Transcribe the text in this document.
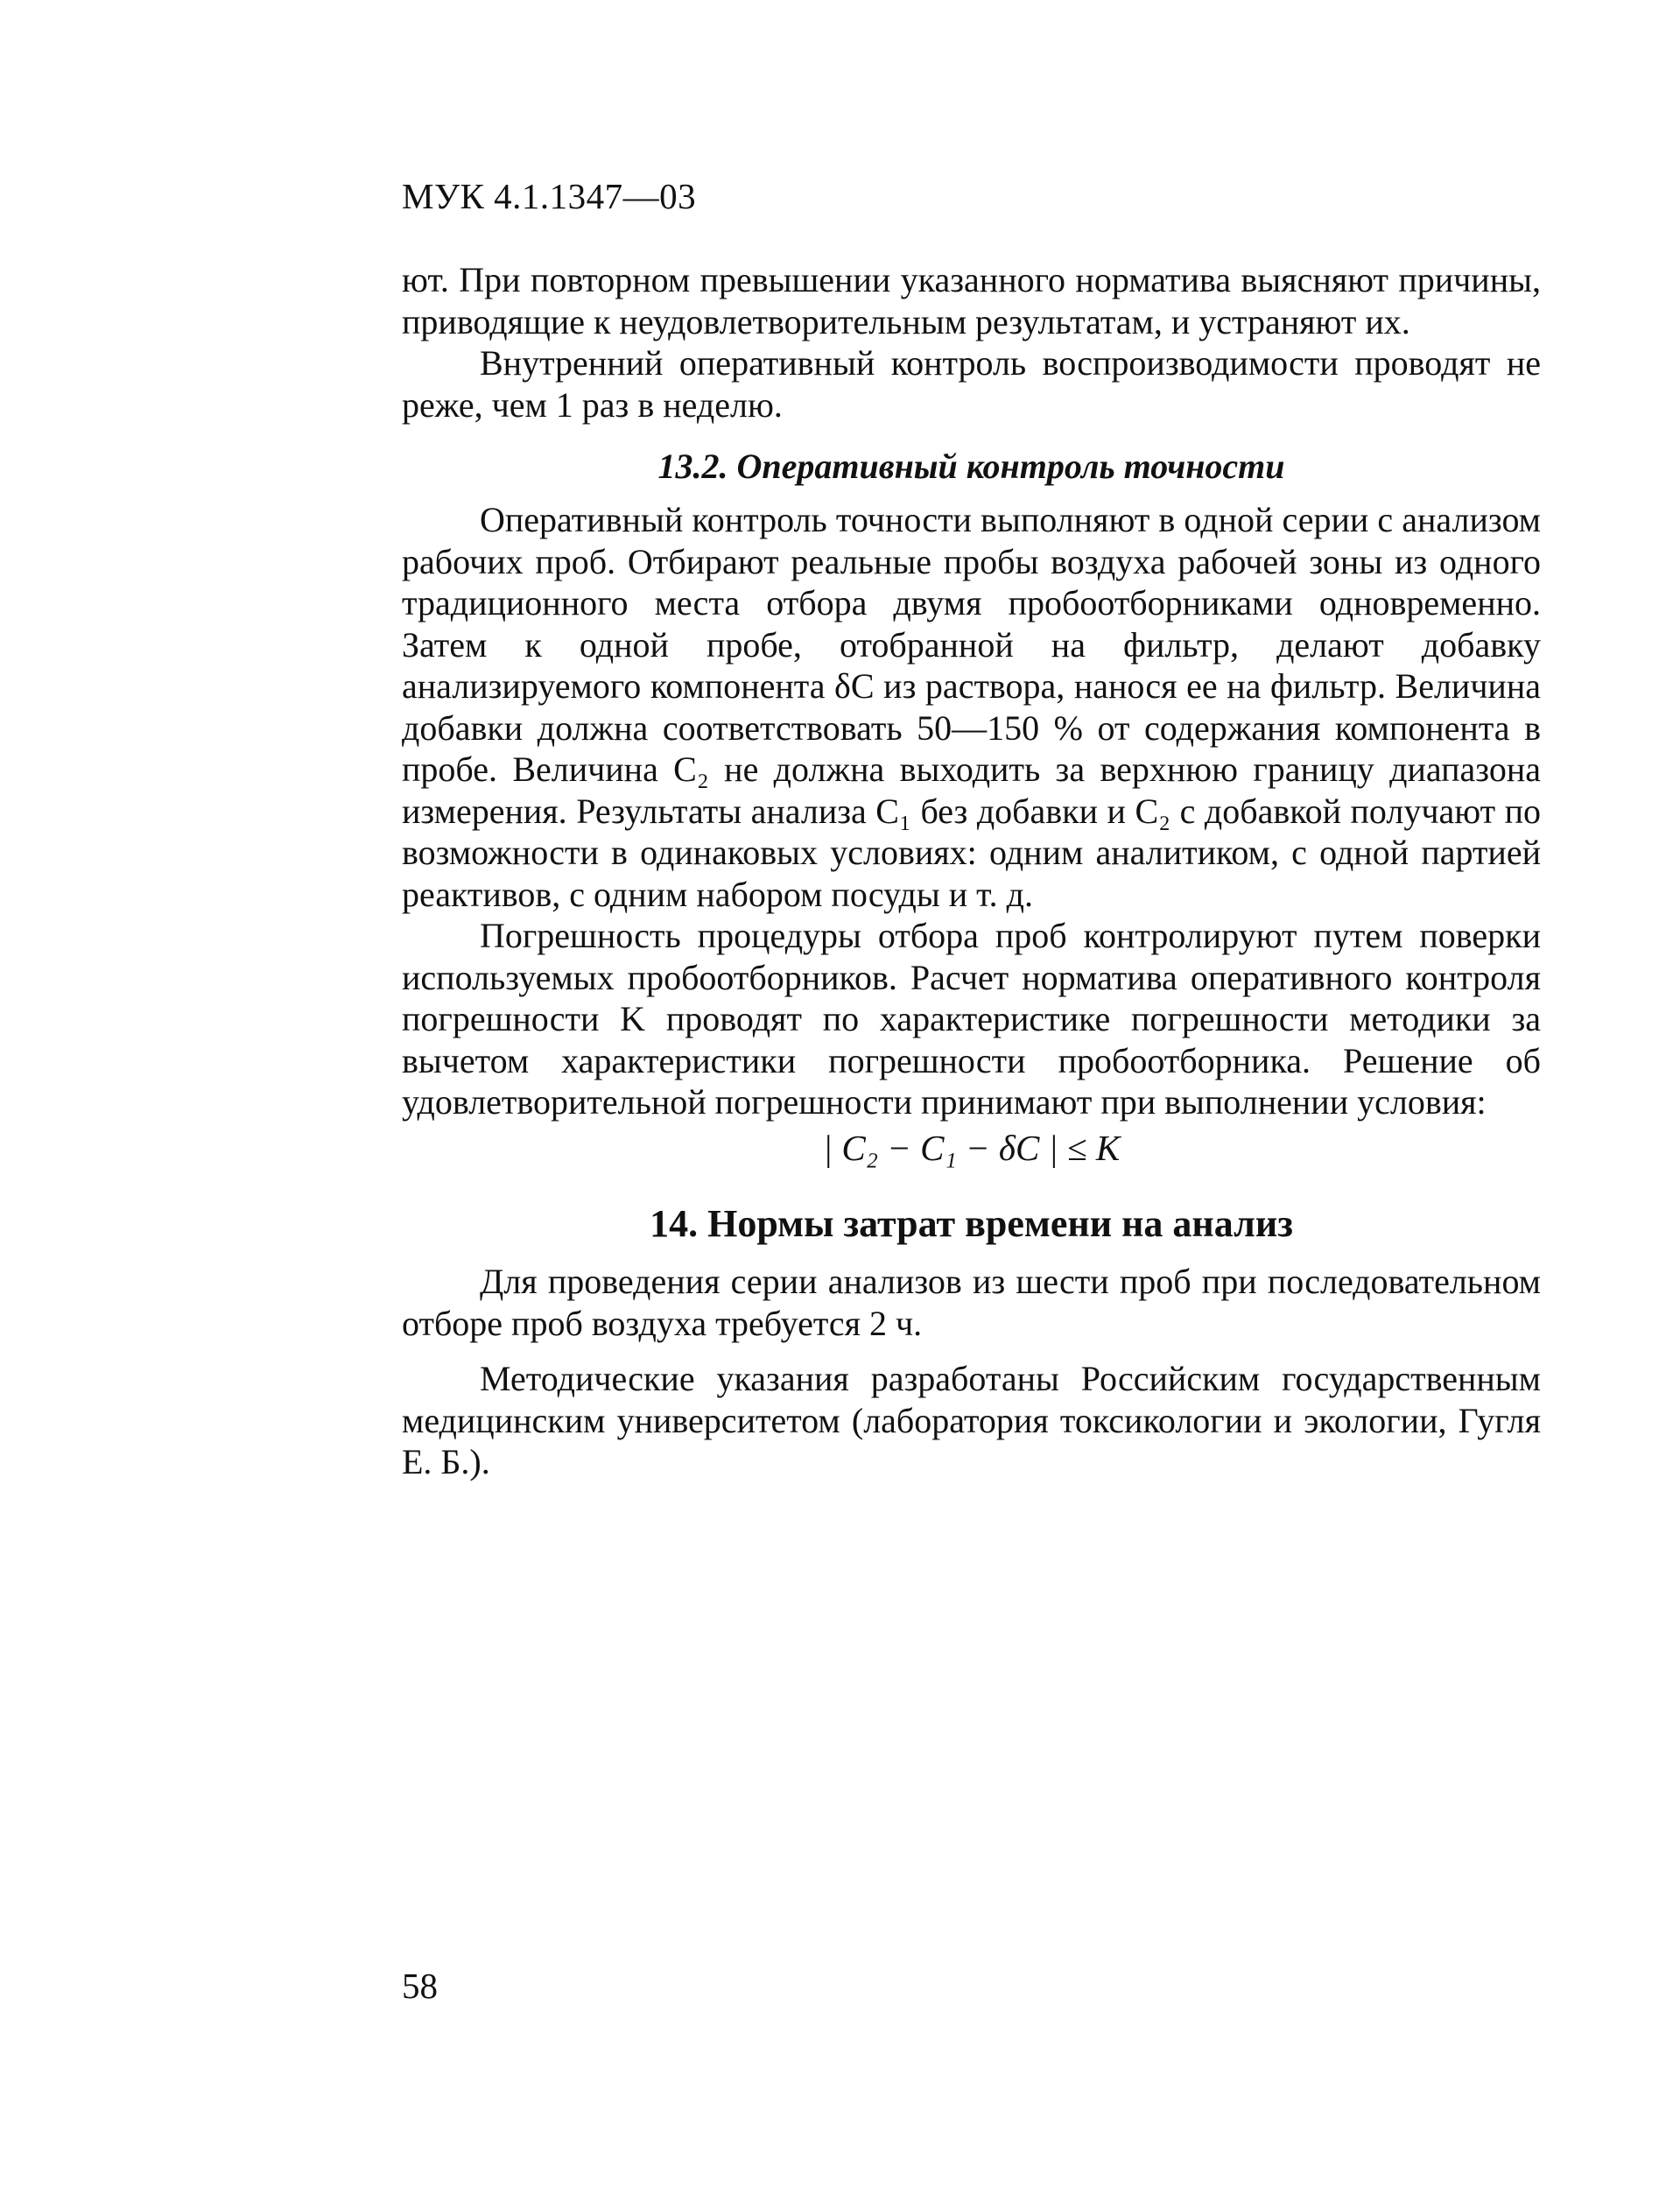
МУК 4.1.1347—03

ют. При повторном превышении указанного норматива выясняют причины, приводящие к неудовлетворительным результатам, и устраняют их.

Внутренний оперативный контроль воспроизводимости проводят не реже, чем 1 раз в неделю.

13.2. Оперативный контроль точности

Оперативный контроль точности выполняют в одной серии с анализом рабочих проб. Отбирают реальные пробы воздуха рабочей зоны из одного традиционного места отбора двумя пробоотборниками одновременно. Затем к одной пробе, отобранной на фильтр, делают добавку анализируемого компонента δC из раствора, нанося ее на фильтр. Величина добавки должна соответствовать 50—150 % от содержания компонента в пробе. Величина C₂ не должна выходить за верхнюю границу диапазона измерения. Результаты анализа C₁ без добавки и C₂ с добавкой получают по возможности в одинаковых условиях: одним аналитиком, с одной партией реактивов, с одним набором посуды и т. д.

Погрешность процедуры отбора проб контролируют путем поверки используемых пробоотборников. Расчет норматива оперативного контроля погрешности K проводят по характеристике погрешности методики за вычетом характеристики погрешности пробоотборника. Решение об удовлетворительной погрешности принимают при выполнении условия:

| C₂ − C₁ − δC | ≤ K
14. Нормы затрат времени на анализ

Для проведения серии анализов из шести проб при последовательном отборе проб воздуха требуется 2 ч.

Методические указания разработаны Российским государственным медицинским университетом (лаборатория токсикологии и экологии, Гугля Е. Б.).

58
